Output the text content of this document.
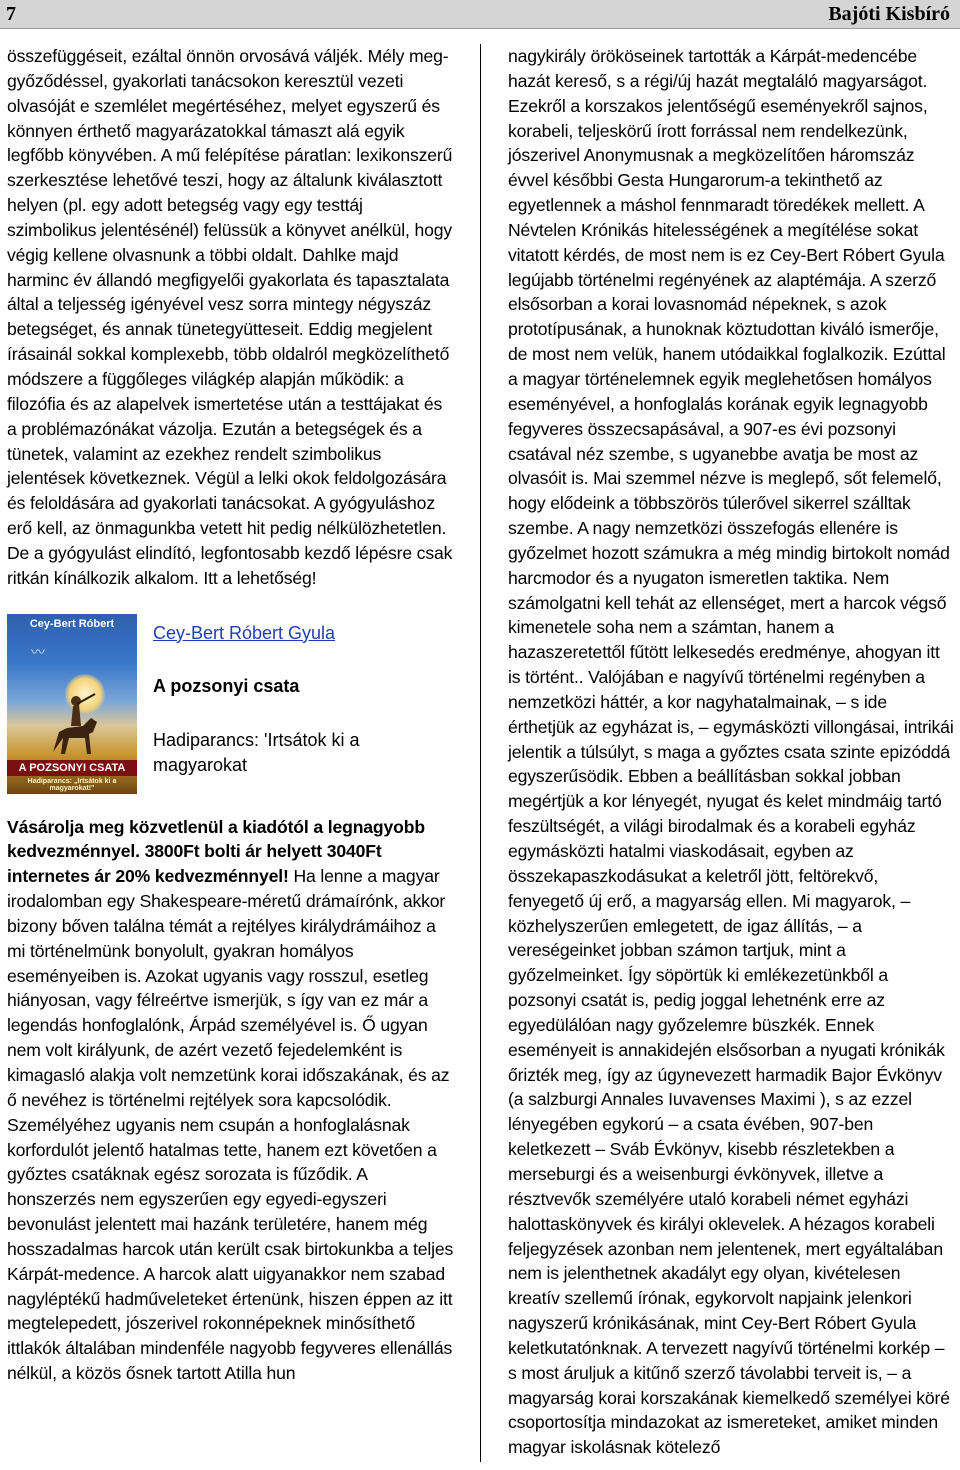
7	Bajóti Kisbíró

összefüggéseit, ezáltal önnön orvosává váljék. Mély meg-győződéssel, gyakorlati tanácsokon keresztül vezeti olvasóját e szemlélet megértéséhez, melyet egyszerű és könnyen érthető magyarázatokkal támaszt alá egyik legfőbb könyvében. A mű felépítése páratlan: lexikonszerű szerkesztése lehetővé teszi, hogy az általunk kiválasztott helyen (pl. egy adott betegség vagy egy testtáj szimbolikus jelentésénél) felüssük a könyvet anélkül, hogy végig kellene olvasnunk a többi oldalt. Dahlke majd harminc év állandó megfigyelői gyakorlata és tapasztalata által a teljesség igényével vesz sorra mintegy négyszáz betegséget, és annak tünetegyütteseit. Eddig megjelent írásainál sokkal komplexebb, több oldalról megközelíthető módszere a függőleges világkép alapján működik: a filozófia és az alapelvek ismertetése után a testtájakat és a problémazónákat vázolja. Ezután a betegségek és a tünetek, valamint az ezekhez rendelt szimbolikus jelentések következnek. Végül a lelki okok feldolgozására és feloldására ad gyakorlati tanácsokat. A gyógyuláshoz erő kell, az önmagunkba vetett hit pedig nélkülözhetetlen. De a gyógyulást elindító, legfontosabb kezdő lépésre csak ritkán kínálkozik alkalom. Itt a lehetőség!

Cey-Bert Róbert
〰
A POZSONYI CSATA
Hadiparancs: „Irtsátok ki a magyarokat!"
Cey-Bert Róbert Gyula
A pozsonyi csata
Hadiparancs: 'Irtsátok ki a magyarokat

Vásárolja meg közvetlenül a kiadótól a legnagyobb kedvezménnyel. 3800Ft bolti ár helyett 3040Ft internetes ár 20% kedvezménnyel! Ha lenne a magyar irodalomban egy Shakespeare-méretű drámaírónk, akkor bizony bőven találna témát a rejtélyes királydrámáihoz a mi történelmünk bonyolult, gyakran homályos eseményeiben is. Azokat ugyanis vagy rosszul, esetleg hiányosan, vagy félreértve ismerjük, s így van ez már a legendás honfoglalónk, Árpád személyével is. Ő ugyan nem volt királyunk, de azért vezető fejedelemként is kimagasló alakja volt nemzetünk korai időszakának, és az ő nevéhez is történelmi rejtélyek sora kapcsolódik. Személyéhez ugyanis nem csupán a honfoglalásnak korfordulót jelentő hatalmas tette, hanem ezt követően a győztes csatáknak egész sorozata is fűződik. A honszerzés nem egyszerűen egy egyedi-egyszeri bevonulást jelentett mai hazánk területére, hanem még hosszadalmas harcok után került csak birtokunkba a teljes Kárpát-medence. A harcok alatt uigyanakkor nem szabad nagyléptékű hadműveleteket értenünk, hiszen éppen az itt megtelepedett, jószerivel rokonnépeknek minősíthető ittlakók általában mindenféle nagyobb fegyveres ellenállás nélkül, a közös ősnek tartott Atilla hun

nagykirály örököseinek tartották a Kárpát-medencébe hazát kereső, s a régi/új hazát megtaláló magyarságot. Ezekről a korszakos jelentőségű eseményekről sajnos, korabeli, teljeskörű írott forrással nem rendelkezünk, jószerivel Anonymusnak a megközelítően háromszáz évvel későbbi Gesta Hungarorum-a tekinthető az egyetlennek a máshol fennmaradt töredékek mellett. A Névtelen Krónikás hitelességének a megítélése sokat vitatott kérdés, de most nem is ez Cey-Bert Róbert Gyula legújabb történelmi regényének az alaptémája. A szerző elsősorban a korai lovasnomád népeknek, s azok prototípusának, a hunoknak köztudottan kiváló ismerője, de most nem velük, hanem utódaikkal foglalkozik. Ezúttal a magyar történelemnek egyik meglehetősen homályos eseményével, a honfoglalás korának egyik legnagyobb fegyveres összecsapásával, a 907-es évi pozsonyi csatával néz szembe, s ugyanebbe avatja be most az olvasóit is. Mai szemmel nézve is meglepő, sőt felemelő, hogy elődeink a többszörös túlerővel sikerrel szálltak szembe. A nagy nemzetközi összefogás ellenére is győzelmet hozott számukra a még mindig birtokolt nomád harcmodor és a nyugaton ismeretlen taktika. Nem számolgatni kell tehát az ellenséget, mert a harcok végső kimenetele soha nem a számtan, hanem a hazaszeretettől fűtött lelkesedés eredménye, ahogyan itt is történt.. Valójában e nagyívű történelmi regényben a nemzetközi háttér, a kor nagyhatalmainak, – s ide érthetjük az egyházat is, – egymásközti villongásai, intrikái jelentik a túlsúlyt, s maga a győztes csata szinte epizóddá egyszerűsödik. Ebben a beállításban sokkal jobban megértjük a kor lényegét, nyugat és kelet mindmáig tartó feszültségét, a világi birodalmak és a korabeli egyház egymásközti hatalmi viaskodásait, egyben az összekapaszkodásukat a keletről jött, feltörekvő, fenyegető új erő, a magyarság ellen. Mi magyarok, – közhelyszerűen emlegetett, de igaz állítás, – a vereségeinket jobban számon tartjuk, mint a győzelmeinket. Így söpörtük ki emlékezetünkből a pozsonyi csatát is, pedig joggal lehetnénk erre az egyedülálóan nagy győzelemre büszkék. Ennek eseményeit is annakidején elsősorban a nyugati krónikák őrizték meg, így az úgynevezett harmadik Bajor Évkönyv (a salzburgi Annales Iuvavenses Maximi ), s az ezzel lényegében egykorú – a csata évében, 907-ben keletkezett – Sváb Évkönyv, kisebb részletekben a merseburgi és a weisenburgi évkönyvek, illetve a résztvevők személyére utaló korabeli német egyházi halottaskönyvek és királyi oklevelek. A hézagos korabeli feljegyzések azonban nem jelentenek, mert egyáltalában nem is jelenthetnek akadályt egy olyan, kivételesen kreatív szellemű írónak, egykorvolt napjaink jelenkori nagyszerű krónikásának, mint Cey-Bert Róbert Gyula keletkutatónknak. A tervezett nagyívű történelmi korkép – s most áruljuk a kitűnő szerző távolabbi terveit is, – a magyarság korai korszakának kiemelkedő személyei köré csoportosítja mindazokat az ismereteket, amiket minden magyar iskolásnak kötelező
